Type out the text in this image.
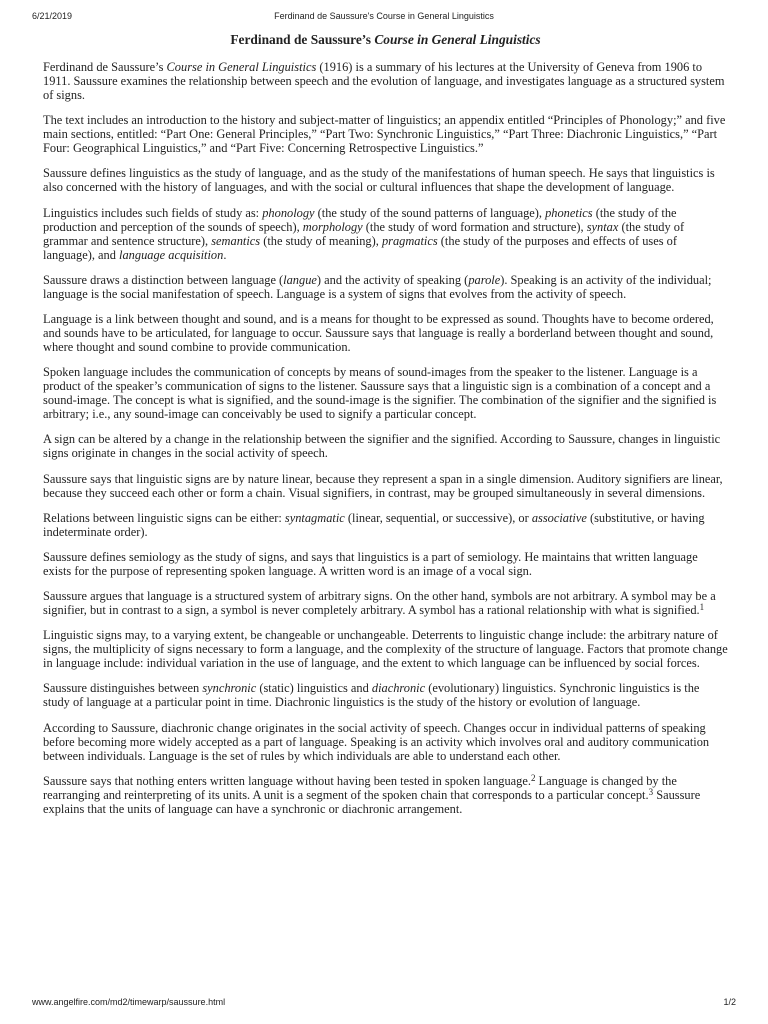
6/21/2019	Ferdinand de Saussure's Course in General Linguistics
Ferdinand de Saussure’s Course in General Linguistics

Ferdinand de Saussure’s Course in General Linguistics (1916) is a summary of his lectures at the University of Geneva from 1906 to 1911. Saussure examines the relationship between speech and the evolution of language, and investigates language as a structured system of signs.

The text includes an introduction to the history and subject-matter of linguistics; an appendix entitled “Principles of Phonology;” and five main sections, entitled: “Part One: General Principles,” “Part Two: Synchronic Linguistics,” “Part Three: Diachronic Linguistics,” “Part Four: Geographical Linguistics,” and “Part Five: Concerning Retrospective Linguistics.”

Saussure defines linguistics as the study of language, and as the study of the manifestations of human speech. He says that linguistics is also concerned with the history of languages, and with the social or cultural influences that shape the development of language.

Linguistics includes such fields of study as: phonology (the study of the sound patterns of language), phonetics (the study of the production and perception of the sounds of speech), morphology (the study of word formation and structure), syntax (the study of grammar and sentence structure), semantics (the study of meaning), pragmatics (the study of the purposes and effects of uses of language), and language acquisition.

Saussure draws a distinction between language (langue) and the activity of speaking (parole). Speaking is an activity of the individual; language is the social manifestation of speech. Language is a system of signs that evolves from the activity of speech.

Language is a link between thought and sound, and is a means for thought to be expressed as sound. Thoughts have to become ordered, and sounds have to be articulated, for language to occur. Saussure says that language is really a borderland between thought and sound, where thought and sound combine to provide communication.

Spoken language includes the communication of concepts by means of sound-images from the speaker to the listener. Language is a product of the speaker’s communication of signs to the listener. Saussure says that a linguistic sign is a combination of a concept and a sound-image. The concept is what is signified, and the sound-image is the signifier. The combination of the signifier and the signified is arbitrary; i.e., any sound-image can conceivably be used to signify a particular concept.

A sign can be altered by a change in the relationship between the signifier and the signified. According to Saussure, changes in linguistic signs originate in changes in the social activity of speech.

Saussure says that linguistic signs are by nature linear, because they represent a span in a single dimension. Auditory signifiers are linear, because they succeed each other or form a chain. Visual signifiers, in contrast, may be grouped simultaneously in several dimensions.

Relations between linguistic signs can be either: syntagmatic (linear, sequential, or successive), or associative (substitutive, or having indeterminate order).

Saussure defines semiology as the study of signs, and says that linguistics is a part of semiology. He maintains that written language exists for the purpose of representing spoken language. A written word is an image of a vocal sign.

Saussure argues that language is a structured system of arbitrary signs. On the other hand, symbols are not arbitrary. A symbol may be a signifier, but in contrast to a sign, a symbol is never completely arbitrary. A symbol has a rational relationship with what is signified.$^1$

Linguistic signs may, to a varying extent, be changeable or unchangeable. Deterrents to linguistic change include: the arbitrary nature of signs, the multiplicity of signs necessary to form a language, and the complexity of the structure of language. Factors that promote change in language include: individual variation in the use of language, and the extent to which language can be influenced by social forces.

Saussure distinguishes between synchronic (static) linguistics and diachronic (evolutionary) linguistics. Synchronic linguistics is the study of language at a particular point in time. Diachronic linguistics is the study of the history or evolution of language.

According to Saussure, diachronic change originates in the social activity of speech. Changes occur in individual patterns of speaking before becoming more widely accepted as a part of language. Speaking is an activity which involves oral and auditory communication between individuals. Language is the set of rules by which individuals are able to understand each other.

Saussure says that nothing enters written language without having been tested in spoken language.$^2$ Language is changed by the rearranging and reinterpreting of its units. A unit is a segment of the spoken chain that corresponds to a particular concept.$^3$ Saussure explains that the units of language can have a synchronic or diachronic arrangement.

www.angelfire.com/md2/timewarp/saussure.html	1/2
